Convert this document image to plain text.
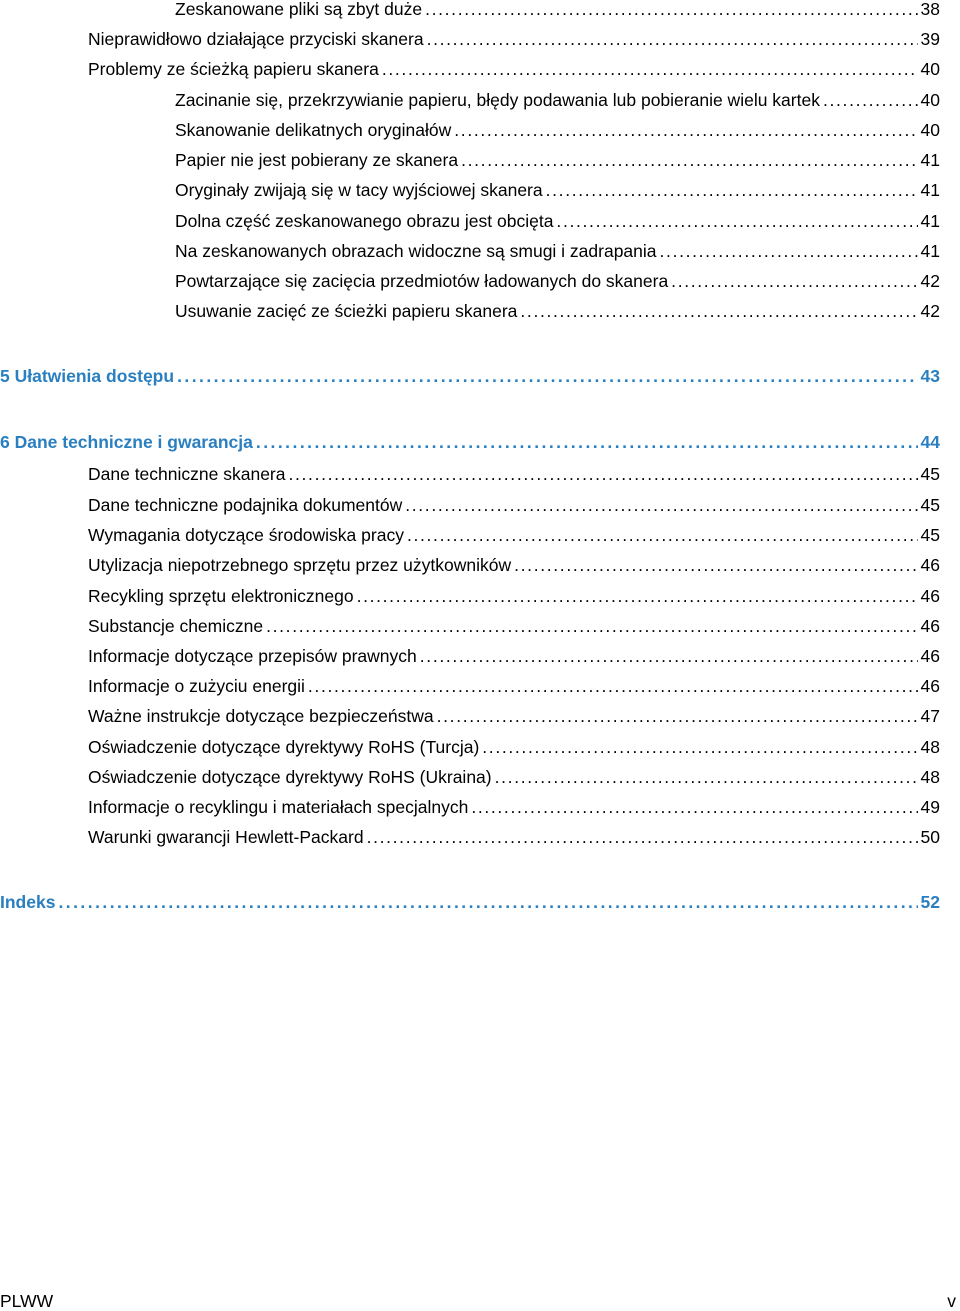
Zeskanowane pliki są zbyt duże . . .	38
Nieprawidłowo działające przyciski skanera . . .	39
Problemy ze ścieżką papieru skanera . . .	40
Zacinanie się, przekrzywianie papieru, błędy podawania lub pobieranie wielu kartek . . .	40
Skanowanie delikatnych oryginałów . . .	40
Papier nie jest pobierany ze skanera . . .	41
Oryginały zwijają się w tacy wyjściowej skanera . . .	41
Dolna część zeskanowanego obrazu jest obcięta . . .	41
Na zeskanowanych obrazach widoczne są smugi i zadrapania . . .	41
Powtarzające się zacięcia przedmiotów ładowanych do skanera . . .	42
Usuwanie zacięć ze ścieżki papieru skanera . . .	42
5 Ułatwienia dostępu . . .	43
6 Dane techniczne i gwarancja . . .	44
Dane techniczne skanera . . .	45
Dane techniczne podajnika dokumentów . . .	45
Wymagania dotyczące środowiska pracy . . .	45
Utylizacja niepotrzebnego sprzętu przez użytkowników . . .	46
Recykling sprzętu elektronicznego . . .	46
Substancje chemiczne . . .	46
Informacje dotyczące przepisów prawnych . . .	46
Informacje o zużyciu energii . . .	46
Ważne instrukcje dotyczące bezpieczeństwa . . .	47
Oświadczenie dotyczące dyrektywy RoHS (Turcja) . . .	48
Oświadczenie dotyczące dyrektywy RoHS (Ukraina) . . .	48
Informacje o recyklingu i materiałach specjalnych . . .	49
Warunki gwarancji Hewlett-Packard . . .	50
Indeks . . .	52
PLWW	v
